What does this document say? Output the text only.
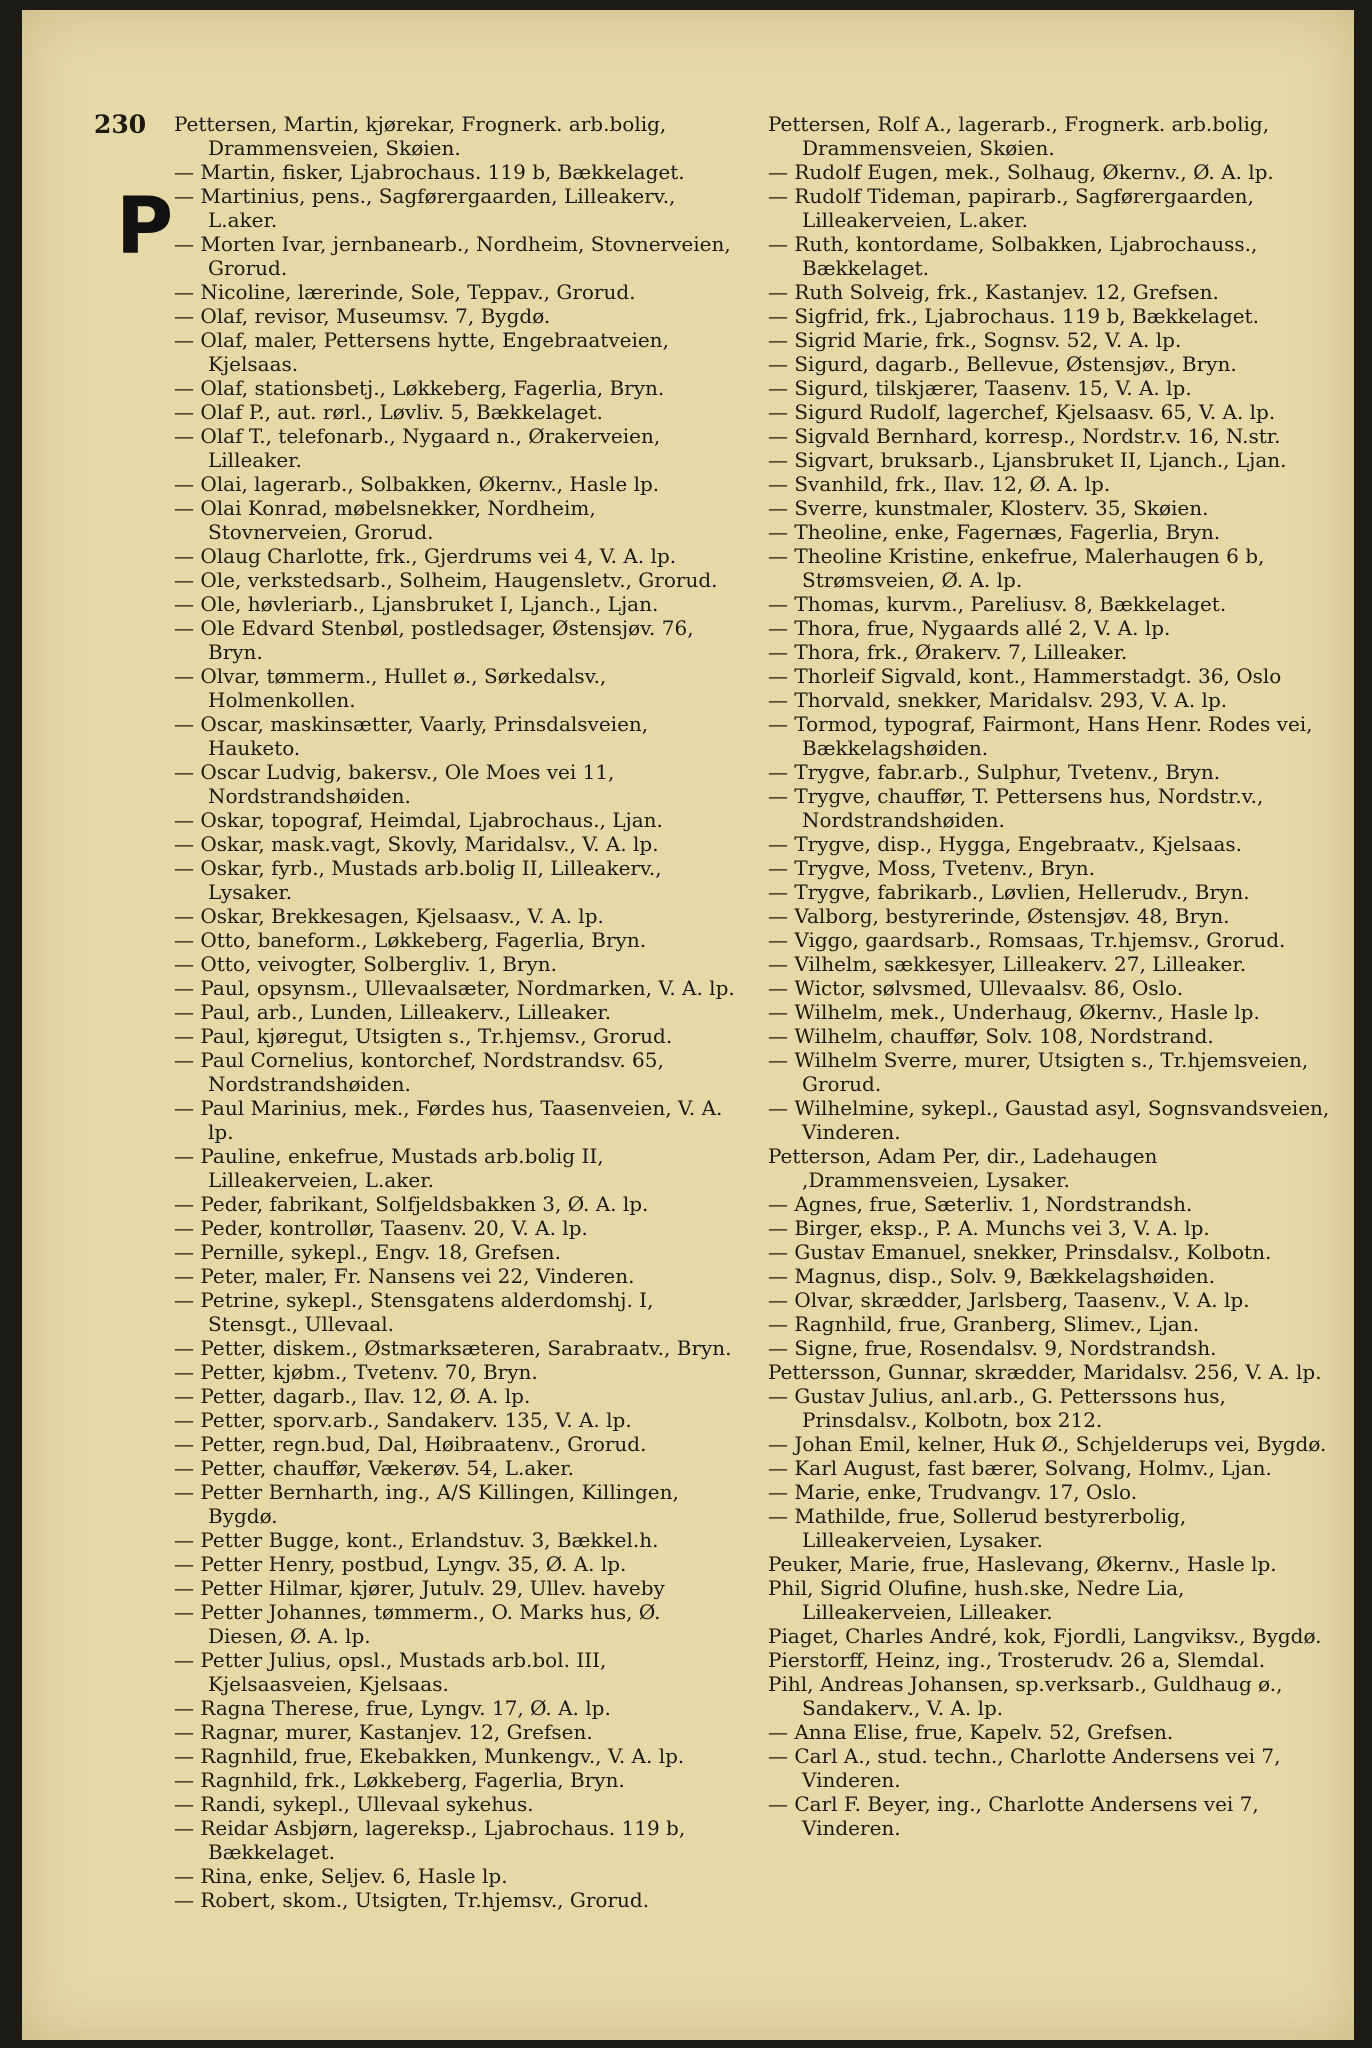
230
P
Pettersen, Martin, kjørekar, Frognerk. arb.bolig, Drammensveien, Skøien.
— Martin, fisker, Ljabrochaus. 119 b, Bækkelaget.
— Martinius, pens., Sagførergaarden, Lilleakerv., L.aker.
— Morten Ivar, jernbanearb., Nordheim, Stovnerveien, Grorud.
— Nicoline, lærerinde, Sole, Teppav., Grorud.
— Olaf, revisor, Museumsv. 7, Bygdø.
— Olaf, maler, Pettersens hytte, Engebraatveien, Kjelsaas.
— Olaf, stationsbetj., Løkkeberg, Fagerlia, Bryn.
— Olaf P., aut. rørl., Løvliv. 5, Bækkelaget.
— Olaf T., telefonarb., Nygaard n., Ørakerveien, Lilleaker.
— Olai, lagerarb., Solbakken, Økernv., Hasle lp.
— Olai Konrad, møbelsnekker, Nordheim, Stovnerveien, Grorud.
— Olaug Charlotte, frk., Gjerdrums vei 4, V. A. lp.
— Ole, verkstedsarb., Solheim, Haugensletv., Grorud.
— Ole, høvleriarb., Ljansbruket I, Ljanch., Ljan.
— Ole Edvard Stenbøl, postledsager, Østensjøv. 76, Bryn.
— Olvar, tømmerm., Hullet ø., Sørkedalsv., Holmenkollen.
— Oscar, maskinsætter, Vaarly, Prinsdalsveien, Hauketo.
— Oscar Ludvig, bakersv., Ole Moes vei 11, Nordstrandshøiden.
— Oskar, topograf, Heimdal, Ljabrochaus., Ljan.
— Oskar, mask.vagt, Skovly, Maridalsv., V. A. lp.
— Oskar, fyrb., Mustads arb.bolig II, Lilleakerv., Lysaker.
— Oskar, Brekkesagen, Kjelsaasv., V. A. lp.
— Otto, baneform., Løkkeberg, Fagerlia, Bryn.
— Otto, veivogter, Solbergliv. 1, Bryn.
— Paul, opsynsm., Ullevaalsæter, Nordmarken, V. A. lp.
— Paul, arb., Lunden, Lilleakerv., Lilleaker.
— Paul, kjøregut, Utsigten s., Tr.hjemsv., Grorud.
— Paul Cornelius, kontorchef, Nordstrandsv. 65, Nordstrandshøiden.
— Paul Marinius, mek., Førdes hus, Taasenveien, V. A. lp.
— Pauline, enkefrue, Mustads arb.bolig II, Lilleakerveien, L.aker.
— Peder, fabrikant, Solfjeldsbakken 3, Ø. A. lp.
— Peder, kontrollør, Taasenv. 20, V. A. lp.
— Pernille, sykepl., Engv. 18, Grefsen.
— Peter, maler, Fr. Nansens vei 22, Vinderen.
— Petrine, sykepl., Stensgatens alderdomshj. I, Stensgt., Ullevaal.
— Petter, diskem., Østmarksæteren, Sarabraatv., Bryn.
— Petter, kjøbm., Tvetenv. 70, Bryn.
— Petter, dagarb., Ilav. 12, Ø. A. lp.
— Petter, sporv.arb., Sandakerv. 135, V. A. lp.
— Petter, regn.bud, Dal, Høibraatenv., Grorud.
— Petter, chauffør, Vækerøv. 54, L.aker.
— Petter Bernharth, ing., A/S Killingen, Killingen, Bygdø.
— Petter Bugge, kont., Erlandstuv. 3, Bækkel.h.
— Petter Henry, postbud, Lyngv. 35, Ø. A. lp.
— Petter Hilmar, kjører, Jutulv. 29, Ullev. haveby
— Petter Johannes, tømmerm., O. Marks hus, Ø. Diesen, Ø. A. lp.
— Petter Julius, opsl., Mustads arb.bol. III, Kjelsaasveien, Kjelsaas.
— Ragna Therese, frue, Lyngv. 17, Ø. A. lp.
— Ragnar, murer, Kastanjev. 12, Grefsen.
— Ragnhild, frue, Ekebakken, Munkengv., V. A. lp.
— Ragnhild, frk., Løkkeberg, Fagerlia, Bryn.
— Randi, sykepl., Ullevaal sykehus.
— Reidar Asbjørn, lagereksp., Ljabrochaus. 119 b, Bækkelaget.
— Rina, enke, Seljev. 6, Hasle lp.
— Robert, skom., Utsigten, Tr.hjemsv., Grorud.
Pettersen, Rolf A., lagerarb., Frognerk. arb.bolig, Drammensveien, Skøien.
— Rudolf Eugen, mek., Solhaug, Økernv., Ø. A. lp.
— Rudolf Tideman, papirarb., Sagførergaarden, Lilleakerveien, L.aker.
— Ruth, kontordame, Solbakken, Ljabrochauss., Bækkelaget.
— Ruth Solveig, frk., Kastanjev. 12, Grefsen.
— Sigfrid, frk., Ljabrochaus. 119 b, Bækkelaget.
— Sigrid Marie, frk., Sognsv. 52, V. A. lp.
— Sigurd, dagarb., Bellevue, Østensjøv., Bryn.
— Sigurd, tilskjærer, Taasenv. 15, V. A. lp.
— Sigurd Rudolf, lagerchef, Kjelsaasv. 65, V. A. lp.
— Sigvald Bernhard, korresp., Nordstr.v. 16, N.str.
— Sigvart, bruksarb., Ljansbruket II, Ljanch., Ljan.
— Svanhild, frk., Ilav. 12, Ø. A. lp.
— Sverre, kunstmaler, Klosterv. 35, Skøien.
— Theoline, enke, Fagernæs, Fagerlia, Bryn.
— Theoline Kristine, enkefrue, Malerhaugen 6 b, Strømsveien, Ø. A. lp.
— Thomas, kurvm., Pareliusv. 8, Bækkelaget.
— Thora, frue, Nygaards allé 2, V. A. lp.
— Thora, frk., Ørakerv. 7, Lilleaker.
— Thorleif Sigvald, kont., Hammerstadgt. 36, Oslo
— Thorvald, snekker, Maridalsv. 293, V. A. lp.
— Tormod, typograf, Fairmont, Hans Henr. Rodes vei, Bækkelagshøiden.
— Trygve, fabr.arb., Sulphur, Tvetenv., Bryn.
— Trygve, chauffør, T. Pettersens hus, Nordstr.v., Nordstrandshøiden.
— Trygve, disp., Hygga, Engebraatv., Kjelsaas.
— Trygve, Moss, Tvetenv., Bryn.
— Trygve, fabrikarb., Løvlien, Hellerudv., Bryn.
— Valborg, bestyrerinde, Østensjøv. 48, Bryn.
— Viggo, gaardsarb., Romsaas, Tr.hjemsv., Grorud.
— Vilhelm, sækkesyer, Lilleakerv. 27, Lilleaker.
— Wictor, sølvsmed, Ullevaalsv. 86, Oslo.
— Wilhelm, mek., Underhaug, Økernv., Hasle lp.
— Wilhelm, chauffør, Solv. 108, Nordstrand.
— Wilhelm Sverre, murer, Utsigten s., Tr.hjemsveien, Grorud.
— Wilhelmine, sykepl., Gaustad asyl, Sognsvandsveien, Vinderen.
Petterson, Adam Per, dir., Ladehaugen ,Drammensveien, Lysaker.
— Agnes, frue, Sæterliv. 1, Nordstrandsh.
— Birger, eksp., P. A. Munchs vei 3, V. A. lp.
— Gustav Emanuel, snekker, Prinsdalsv., Kolbotn.
— Magnus, disp., Solv. 9, Bækkelagshøiden.
— Olvar, skrædder, Jarlsberg, Taasenv., V. A. lp.
— Ragnhild, frue, Granberg, Slimev., Ljan.
— Signe, frue, Rosendalsv. 9, Nordstrandsh.
Pettersson, Gunnar, skrædder, Maridalsv. 256, V. A. lp.
— Gustav Julius, anl.arb., G. Petterssons hus, Prinsdalsv., Kolbotn, box 212.
— Johan Emil, kelner, Huk Ø., Schjelderups vei, Bygdø.
— Karl August, fast bærer, Solvang, Holmv., Ljan.
— Marie, enke, Trudvangv. 17, Oslo.
— Mathilde, frue, Sollerud bestyrerbolig, Lilleakerveien, Lysaker.
Peuker, Marie, frue, Haslevang, Økernv., Hasle lp.
Phil, Sigrid Olufine, hush.ske, Nedre Lia, Lilleakerveien, Lilleaker.
Piaget, Charles André, kok, Fjordli, Langviksv., Bygdø.
Pierstorff, Heinz, ing., Trosterudv. 26 a, Slemdal.
Pihl, Andreas Johansen, sp.verksarb., Guldhaug ø., Sandakerv., V. A. lp.
— Anna Elise, frue, Kapelv. 52, Grefsen.
— Carl A., stud. techn., Charlotte Andersens vei 7, Vinderen.
— Carl F. Beyer, ing., Charlotte Andersens vei 7, Vinderen.
